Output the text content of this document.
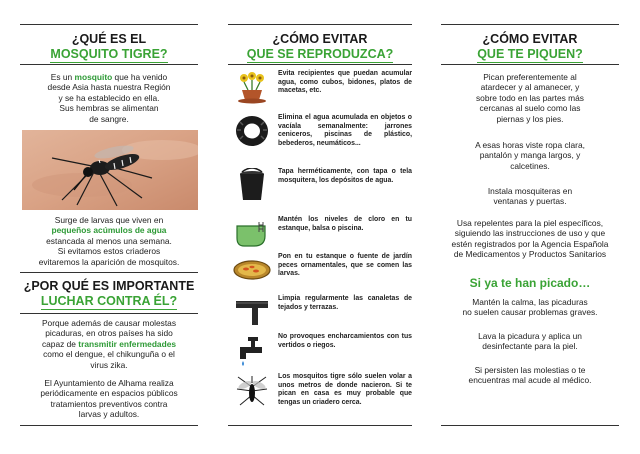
¿QUÉ ES EL
MOSQUITO TIGRE?
Es un mosquito que ha venido
desde Asia hasta nuestra Región
y se ha establecido en ella.
Sus hembras se alimentan
de sangre.
Surge de larvas que viven en
pequeños acúmulos de agua
estancada al menos una semana.
Si evitamos estos criaderos
evitaremos la aparición de mosquitos.
¿POR QUÉ ES IMPORTANTE
LUCHAR CONTRA ÉL?
Porque además de causar molestas
picaduras, en otros países ha sido
capaz de transmitir enfermedades
como el dengue, el chikunguña o el
virus zika.
El Ayuntamiento de Alhama realiza
periódicamente en espacios públicos
tratamientos preventivos contra
larvas y adultos.
¿CÓMO EVITAR
QUE SE REPRODUZCA?
Evita recipientes que puedan acumular agua, como cubos, bidones, platos de macetas, etc.
Elimina el agua acumulada en objetos o vacíala semanalmente: jarrones ceniceros, piscinas de plástico, bebederos, neumáticos...
Tapa herméticamente, con tapa o tela mosquitera, los depósitos de agua.
Mantén los niveles de cloro en tu estanque, balsa o piscina.
Pon en tu estanque o fuente de jardín peces ornamentales, que se comen las larvas.
Limpia regularmente las canaletas de tejados y terrazas.
No provoques encharcamientos con tus vertidos o riegos.
Los mosquitos tigre sólo suelen volar a unos metros de donde nacieron. Si te pican en casa es muy probable que tengas un criadero cerca.
¿CÓMO EVITAR
QUE TE PIQUEN?
Pican preferentemente al
atardecer y al amanecer, y
sobre todo en las partes más
cercanas al suelo como las
piernas y los pies.
A esas horas viste ropa clara,
pantalón y manga largos, y
calcetines.
Instala mosquiteras en
ventanas y puertas.
Usa repelentes para la piel específicos,
siguiendo las instrucciones de uso y que
estén registrados por la Agencia Española
de Medicamentos y Productos Sanitarios
Si ya te han picado…
Mantén la calma, las picaduras
no suelen causar problemas graves.
Lava la picadura y aplica un
desinfectante para la piel.
Si persisten las molestias o te
encuentras mal acude al médico.
